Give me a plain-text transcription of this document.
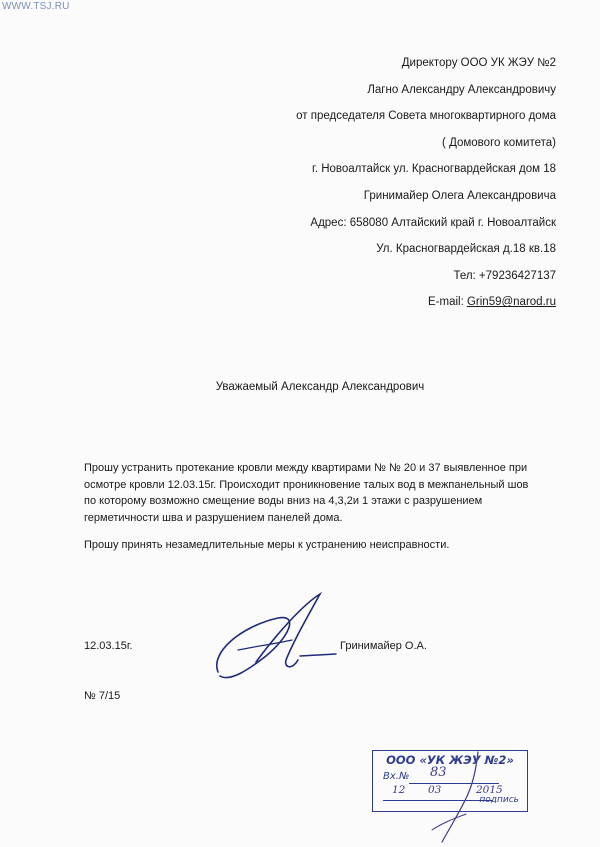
WWW.TSJ.RU
Директору ООО УК ЖЭУ №2
Лагно Александру Александровичу
от председателя Совета многоквартирного дома
( Домового комитета)
г. Новоалтайск ул. Красногвардейская дом 18
Гринимайер Олега Александровича
Адрес: 658080 Алтайский край г. Новоалтайск
Ул. Красногвардейская д.18 кв.18
Тел: +79236427137
E-mail: Grin59@narod.ru
Уважаемый Александр Александрович

Прошу устранить протекание кровли между квартирами № № 20 и 37 выявленное при осмотре кровли 12.03.15г. Происходит проникновение талых вод в межпанельный шов по которому возможно смещение воды вниз на 4,3,2и 1 этажи с разрушением герметичности шва и разрушением панелей дома.

Прошу принять незамедлительные меры к устранению неисправности.

12.03.15г.	Гринимайер О.А.
№ 7/15
ООО «УК ЖЭУ №2»
Вх.№
подпись
83
12 03	2015
